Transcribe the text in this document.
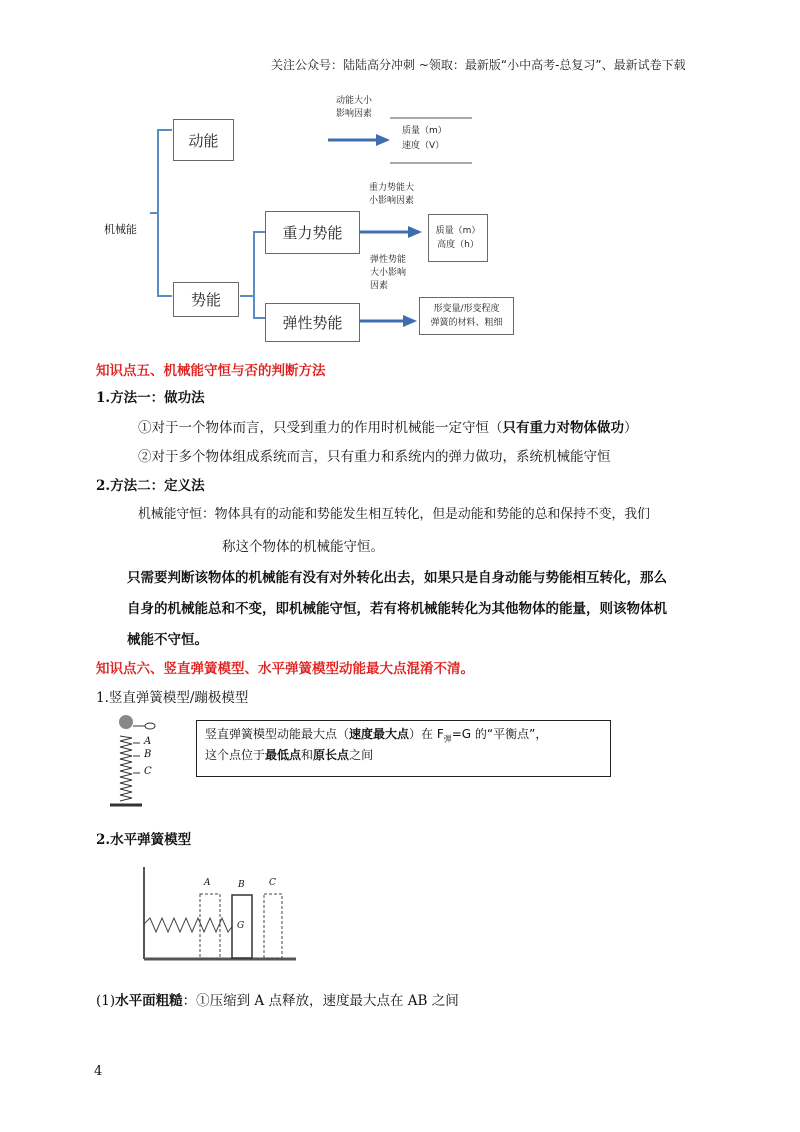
关注公众号：陆陆高分冲刺 ~领取：最新版“小中高考-总复习”、最新试卷下载
机械能
动能
动能大小
影响因素
质量（m）
速度（V）
势能
重力势能
重力势能大
小影响因素
质量（m）
高度（h）
弹性势能
大小影响
因素
弹性势能
形变量/形变程度
弹簧的材料、粗细
知识点五、机械能守恒与否的判断方法
1.方法一：做功法
①对于一个物体而言，只受到重力的作用时机械能一定守恒（只有重力对物体做功）
②对于多个物体组成系统而言，只有重力和系统内的弹力做功，系统机械能守恒
2.方法二：定义法
机械能守恒：物体具有的动能和势能发生相互转化，但是动能和势能的总和保持不变，我们
称这个物体的机械能守恒。
只需要判断该物体的机械能有没有对外转化出去，如果只是自身动能与势能相互转化，那么
自身的机械能总和不变，即机械能守恒，若有将机械能转化为其他物体的能量，则该物体机
械能不守恒。
知识点六、竖直弹簧模型、水平弹簧模型动能最大点混淆不清。
1.竖直弹簧模型/蹦极模型
A
B
C
竖直弹簧模型动能最大点（速度最大点）在 $F_弹=G$ 的“平衡点”，
这个点位于最低点和原长点之间
2.水平弹簧模型
A	B	C
G
(1)水平面粗糙：①压缩到 A 点释放，速度最大点在 AB 之间
4
